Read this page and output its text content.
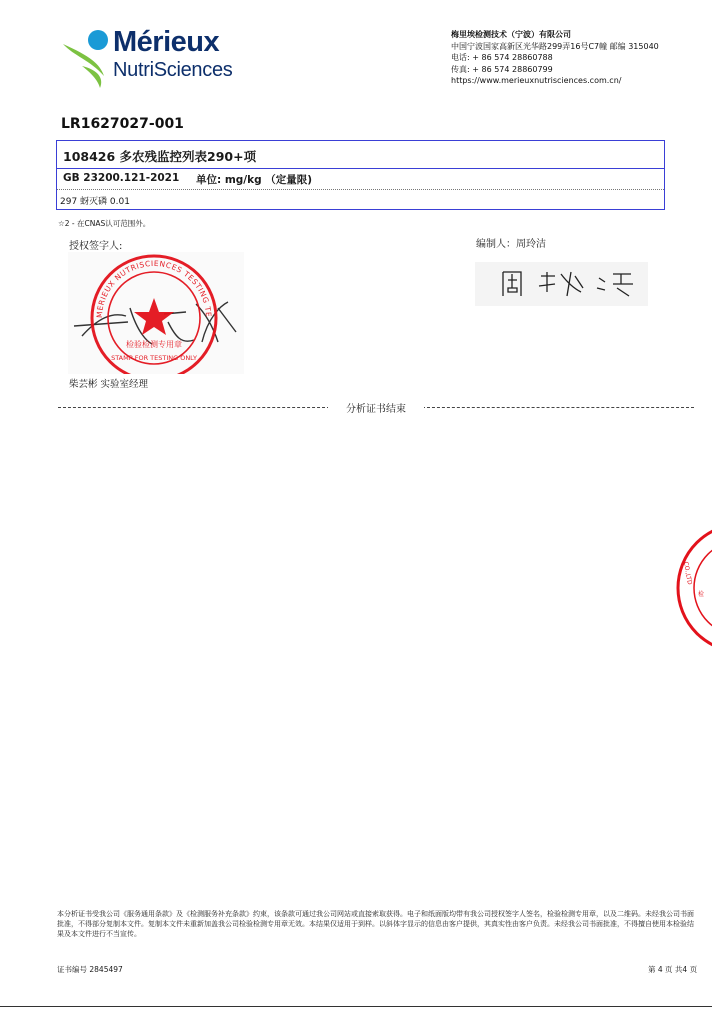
Mérieux
NutriSciences
梅里埃检测技术（宁波）有限公司
中国宁波国家高新区光华路299弄16号C7幢 邮编 315040
电话: + 86 574 28860788
传真: + 86 574 28860799
https://www.merieuxnutrisciences.com.cn/
LR1627027-001
108426 多农残监控列表290+项
GB 23200.121-2021 单位: mg/kg （定量限)
297 蚜灭磷 0.01
☆2 - 在CNAS认可范围外。
授权签字人:	编制人：周玲洁
MERIEUX NUTRISCIENCES TESTING TE
检验检测专用章
STAMP FOR TESTING ONLY
柴芸彬 实验室经理
分析证书结束
CO.,LTD
检
本分析证书受我公司《服务通用条款》及《检测服务补充条款》约束，该条款可通过我公司网站或直接索取获得。电子和纸面版均带有我公司授权签字人签名，检验检测专用章，以及二维码。未经我公司书面批准，不得部分复制本文件。复制本文件未重新加盖我公司检验检测专用章无效。本结果仅适用于到样。以斜体字显示的信息由客户提供，其真实性由客户负责。未经我公司书面批准，不得擅自使用本检验结果及本文件进行不当宣传。
证书编号 2845497	第 4 页 共4 页
